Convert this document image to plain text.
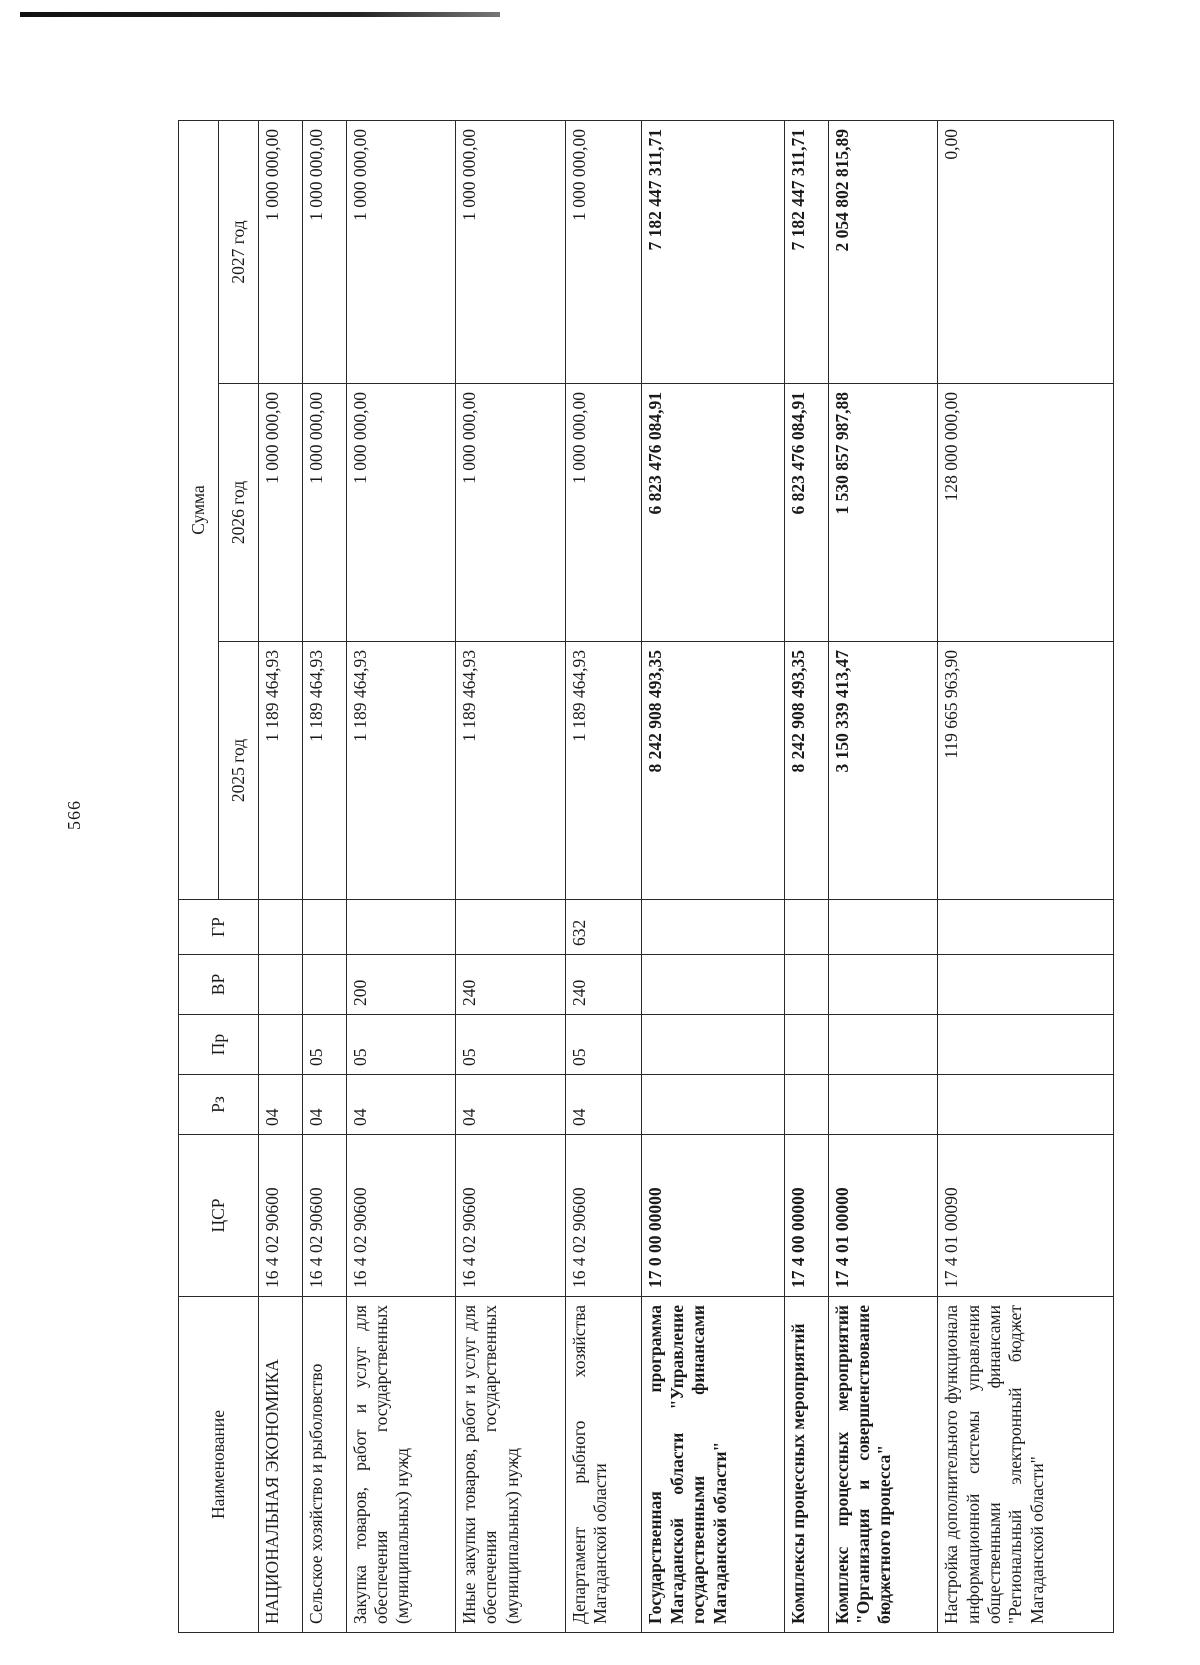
566
Наименование	ЦСР	Рз	Пр	ВР	ГР	Сумма		
						2025 год	2026 год	2027 год
НАЦИОНАЛЬНАЯ ЭКОНОМИКА	16 4 02 90600	04				1 189 464,93	1 000 000,00	1 000 000,00
Сельское хозяйство и рыболовство	16 4 02 90600	04	05			1 189 464,93	1 000 000,00	1 000 000,00
Закупка товаров, работ и услуг для обеспечения государственных (муниципальных) нужд	16 4 02 90600	04	05	200		1 189 464,93	1 000 000,00	1 000 000,00
Иные закупки товаров, работ и услуг для обеспечения государственных (муниципальных) нужд	16 4 02 90600	04	05	240		1 189 464,93	1 000 000,00	1 000 000,00
Департамент рыбного хозяйства Магаданской области	16 4 02 90600	04	05	240	632	1 189 464,93	1 000 000,00	1 000 000,00
Государственная программа Магаданской области "Управление государственными финансами Магаданской области"	17 0 00 00000					8 242 908 493,35	6 823 476 084,91	7 182 447 311,71
Комплексы процессных мероприятий	17 4 00 00000					8 242 908 493,35	6 823 476 084,91	7 182 447 311,71
Комплекс процессных мероприятий "Организация и совершенствование бюджетного процесса"	17 4 01 00000					3 150 339 413,47	1 530 857 987,88	2 054 802 815,89
Настройка дополнительного функционала информационной системы управления общественными финансами "Региональный электронный бюджет Магаданской области"	17 4 01 00090					119 665 963,90	128 000 000,00	0,00
